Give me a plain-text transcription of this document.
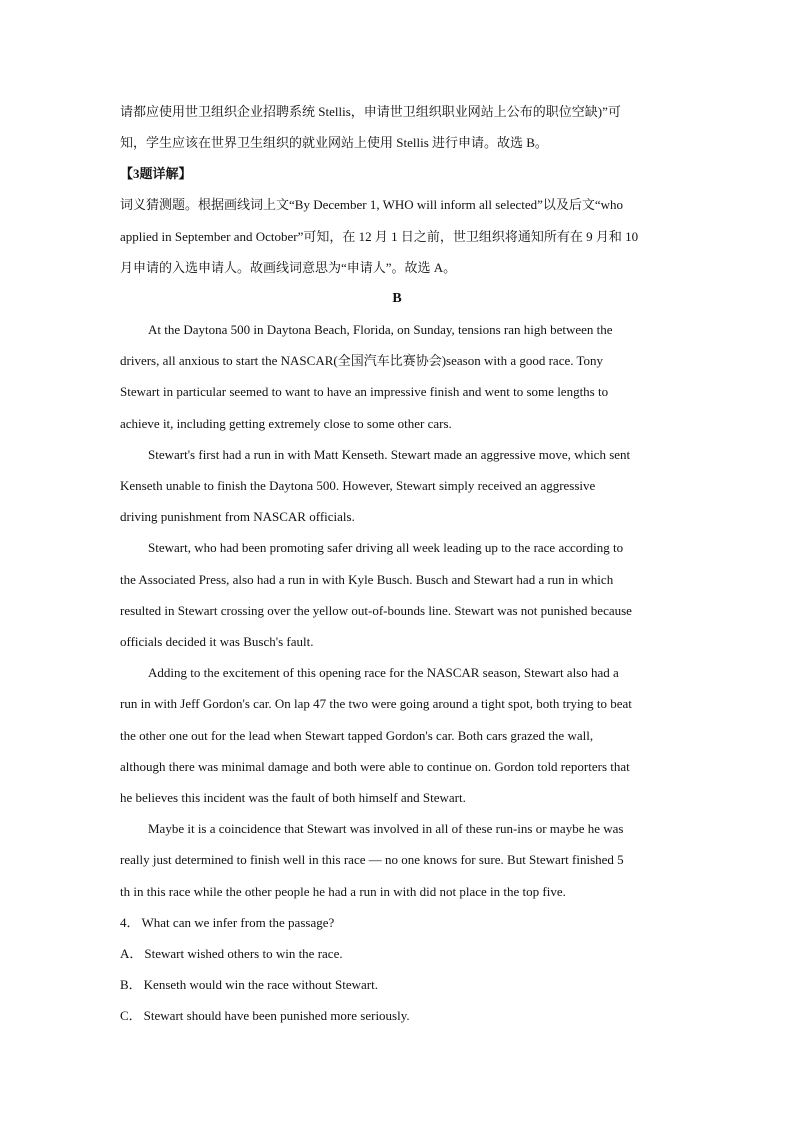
请都应使用世卫组织企业招聘系统 Stellis，申请世卫组织职业网站上公布的职位空缺)”可
知，学生应该在世界卫生组织的就业网站上使用 Stellis 进行申请。故选 B。
【3题详解】
词义猜测题。根据画线词上文“By December 1, WHO will inform all selected”以及后文“who
applied in September and October”可知，在 12 月 1 日之前，世卫组织将通知所有在 9 月和 10
月申请的入选申请人。故画线词意思为“申请人”。故选 A。
B
At the Daytona 500 in Daytona Beach, Florida, on Sunday, tensions ran high between the
drivers, all anxious to start the NASCAR(全国汽车比赛协会)season with a good race. Tony
Stewart in particular seemed to want to have an impressive finish and went to some lengths to
achieve it, including getting extremely close to some other cars.
Stewart's first had a run in with Matt Kenseth. Stewart made an aggressive move, which sent
Kenseth unable to finish the Daytona 500. However, Stewart simply received an aggressive
driving punishment from NASCAR officials.
Stewart, who had been promoting safer driving all week leading up to the race according to
the Associated Press, also had a run in with Kyle Busch. Busch and Stewart had a run in which
resulted in Stewart crossing over the yellow out-of-bounds line. Stewart was not punished because
officials decided it was Busch's fault.
Adding to the excitement of this opening race for the NASCAR season, Stewart also had a
run in with Jeff Gordon's car. On lap 47 the two were going around a tight spot, both trying to beat
the other one out for the lead when Stewart tapped Gordon's car. Both cars grazed the wall,
although there was minimal damage and both were able to continue on. Gordon told reporters that
he believes this incident was the fault of both himself and Stewart.
Maybe it is a coincidence that Stewart was involved in all of these run-ins or maybe he was
really just determined to finish well in this race — no one knows for sure. But Stewart finished 5
th in this race while the other people he had a run in with did not place in the top five.
4． What can we infer from the passage?
A． Stewart wished others to win the race.
B． Kenseth would win the race without Stewart.
C． Stewart should have been punished more seriously.
